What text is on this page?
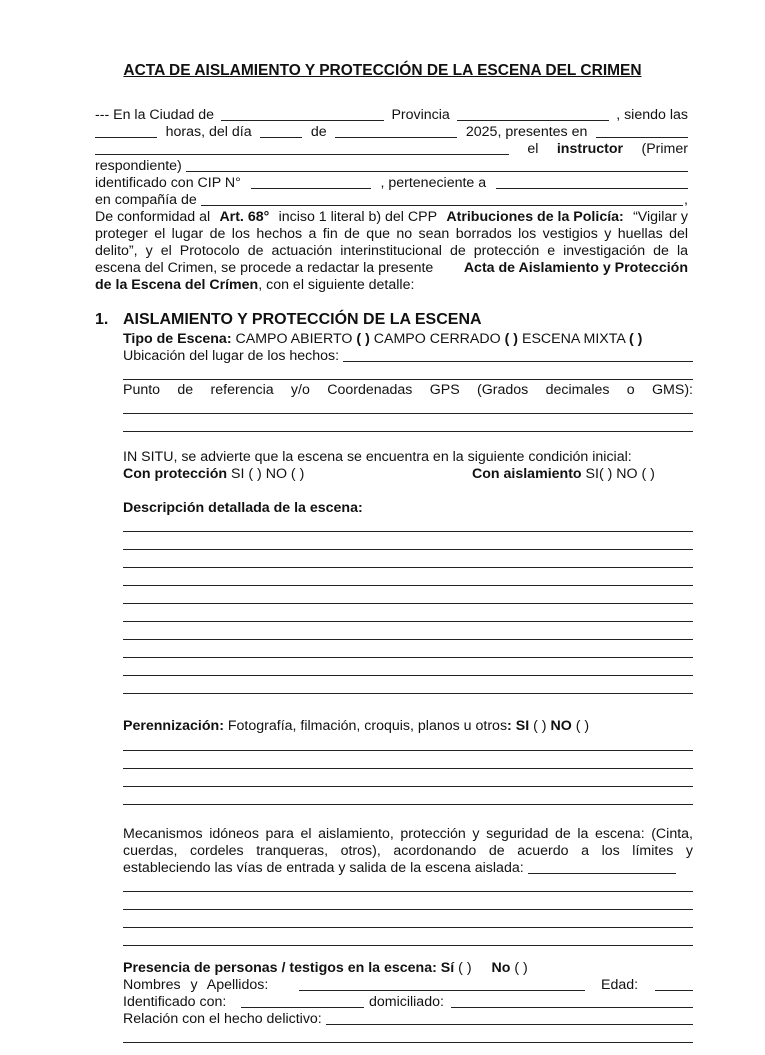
ACTA DE AISLAMIENTO Y PROTECCIÓN DE LA ESCENA DEL CRIMEN
--- En la Ciudad de	Provincia	, siendo las
horas, del día	de	2025, presentes en
el instructor (Primer
respondiente)
identificado con CIP N°	, perteneciente a
en compañía de	,
De conformidad al Art. 68° inciso 1 literal b) del CPP Atribuciones de la Policía: “Vigilar y
proteger el lugar de los hechos a fin de que no sean borrados los vestigios y huellas del
delito”, y el Protocolo de actuación interinstitucional de protección e investigación de la
escena del Crimen, se procede a redactar la presente Acta de Aislamiento y Protección
de la Escena del Crímen, con el siguiente detalle:
1. AISLAMIENTO Y PROTECCIÓN DE LA ESCENA
Tipo de Escena: CAMPO ABIERTO ( ) CAMPO CERRADO ( ) ESCENA MIXTA ( )
Ubicación del lugar de los hechos:
Punto de referencia y/o Coordenadas GPS (Grados decimales o GMS):
IN SITU, se advierte que la escena se encuentra en la siguiente condición inicial:
Con protección SI ( ) NO ( )	Con aislamiento SI( ) NO ( )
Descripción detallada de la escena:
Perennización: Fotografía, filmación, croquis, planos u otros: SI ( ) NO ( )
Mecanismos idóneos para el aislamiento, protección y seguridad de la escena: (Cinta,
cuerdas, cordeles tranqueras, otros), acordonando de acuerdo a los límites y
estableciendo las vías de entrada y salida de la escena aislada:
Presencia de personas / testigos en la escena: Sí ( ) No ( )
Nombres y Apellidos:	Edad:
Identificado con:	domiciliado:
Relación con el hecho delictivo:
